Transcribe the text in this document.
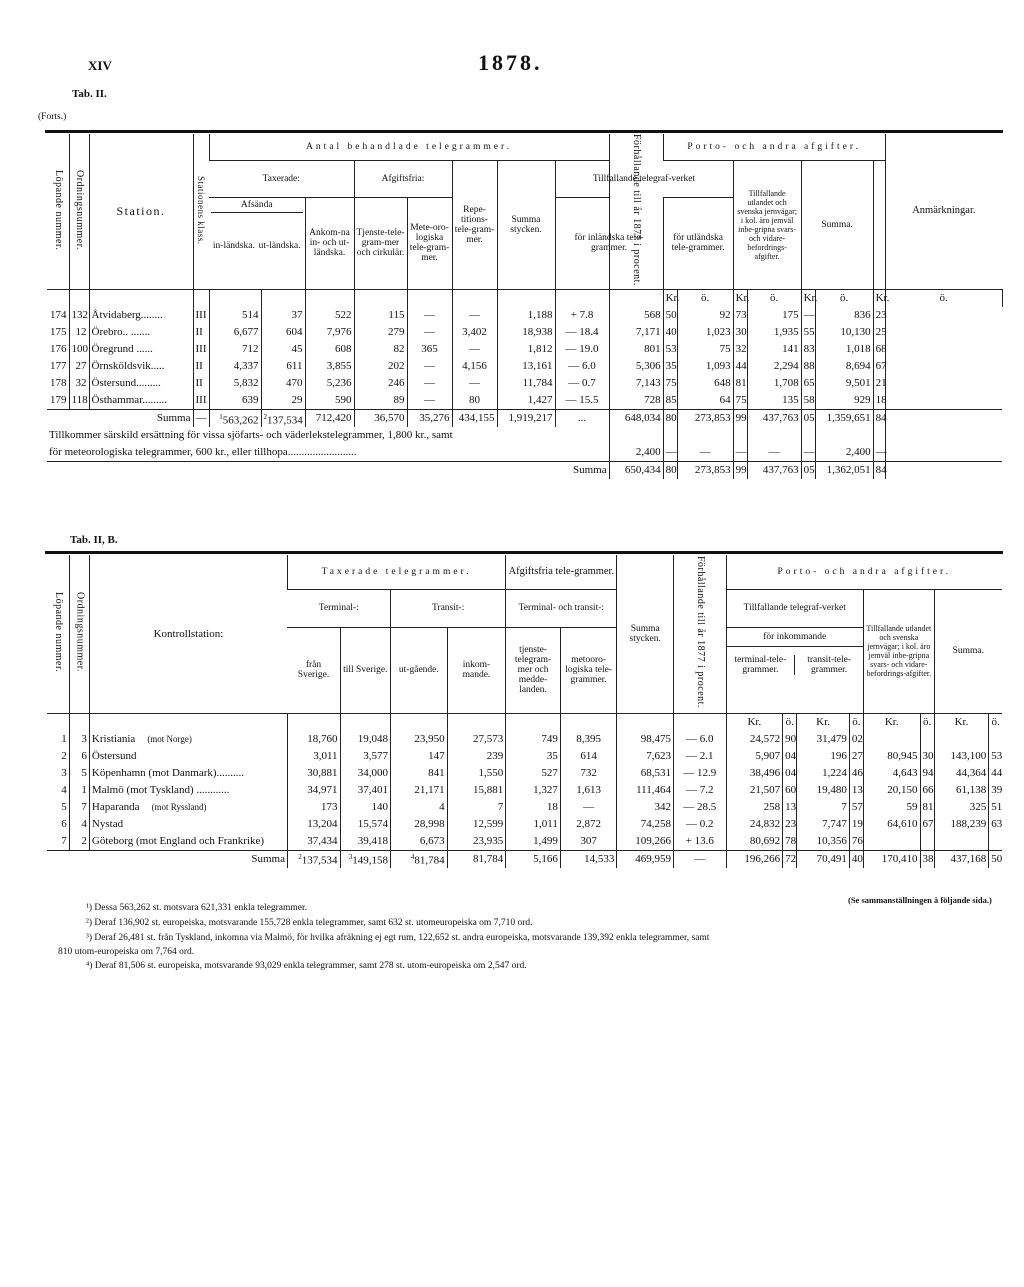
XIV	1878.
Tab. II.
(Forts.)
Löpande nummer.	Ordningsnummer.	Station.	Stationens klass.	Antal behandlade telegrammer.								Förhållande till år 1877 i procent.	Porto- och andra afgifter.							Anmärkningar.	
				Taxerade:			Afgiftsfria:		Repe-titions-tele-gram-mer.	Summa stycken.	Tillfallande telegraf-verket				Tillfallande utlandet och svenska jernvägar; i kol. äro jemväl inbe-gripna svars- och vidare-befordrings-afgifter.		Summa.				

				Afsända
in-ländska. ut-ländska.		Ankom-na in- och ut-ländska.	Tjenste-tele-gram-mer och cirkulär.	Mete-oro-logiska tele-gram-mer.			för inländska tele-grammer.		för utländska tele-grammer.								
													Kr.	ö.	Kr.	ö.	Kr.	ö.	Kr.	ö.	
174	132	Åtvidaberg........	III	514	37	522	115	—	—	1,188	+ 7.8	568	50	92	73	175	—	836	23		
175	12	Örebro.. .......	II	6,677	604	7,976	279	—	3,402	18,938	— 18.4	7,171	40	1,023	30	1,935	55	10,130	25		
176	100	Öregrund ......	III	712	45	608	82	365	—	1,812	— 19.0	801	53	75	32	141	83	1,018	68		
177	27	Örnsköldsvik.....	II	4,337	611	3,855	202	—	4,156	13,161	— 6.0	5,306	35	1,093	44	2,294	88	8,694	67		
178	32	Östersund.........	II	5,832	470	5,236	246	—	—	11,784	— 0.7	7,143	75	648	81	1,708	65	9,501	21		
179	118	Östhammar.........	III	639	29	590	89	—	80	1,427	— 15.5	728	85	64	75	135	58	929	18		
Summa			—	$^1$563,262	$^2$137,534	712,420	36,570	35,276	434,155	1,919,217	...	648,034	80	273,853	99	437,763	05	1,359,651	84		
Tillkommer särskild ersättning för vissa sjöfarts- och väderlekstelegrammer, 1,800 kr., samt																					
för meteorologiska telegrammer, 600 kr., eller tillhopa.........................												2,400	—	—	—	—	—	2,400	—		
Summa												650,434	80	273,853	99	437,763	05	1,362,051	84		
Tab. II, B.
Löpande nummer.	Ordningsnummer.	Kontrollstation:	Taxerade telegrammer.				Afgiftsfria tele-grammer.		Summa stycken.	Förhållande till år 1877 i procent.	Porto- och andra afgifter.							
			Terminal-:		Transit-:		Terminal- och transit-:				Tillfallande telegraf-verket				Tillfallande utlandet och svenska jernvägar; i kol. äro jemväl inbe-gripna svars- och vidare-befordrings-afgifter.		Summa.	
			från Sverige.	till Sverige.	ut-gående.	inkom-mande.	tjenste-telegram-mer och medde-landen.	metooro-logiska tele-grammer.			för inkommande
terminal-tele-grammer.
transit-tele-grammer.							

											Kr.	ö.	Kr.	ö.	Kr.	ö.	Kr.	ö.
1	3	Kristiania (mot Norge)	18,760	19,048	23,950	27,573	749	8,395	98,475	— 6.0	24,572	90	31,479	02				
2	6	Östersund	3,011	3,577	147	239	35	614	7,623	— 2.1	5,907	04	196	27	80,945	30	143,100	53
3	5	Köpenhamn (mot Danmark)..........	30,881	34,000	841	1,550	527	732	68,531	— 12.9	38,496	04	1,224	46	4,643	94	44,364	44
4	1	Malmö (mot Tyskland) ............	34,971	37,401	21,171	15,881	1,327	1,613	111,464	— 7.2	21,507	60	19,480	13	20,150	66	61,138	39
5	7	Haparanda (mot Ryssland)	173	140	4	7	18	—	342	— 28.5	258	13	7	57	59	81	325	51
6	4	Nystad	13,204	15,574	28,998	12,599	1,011	2,872	74,258	— 0.2	24,832	23	7,747	19	64,610	67	188,239	63
7	2	Göteborg (mot England och Frankrike)	37,434	39,418	6,673	23,935	1,499	307	109,266	+ 13.6	80,692	78	10,356	76				
Summa			$^2$137,534	$^3$149,158	$^4$81,784	81,784	5,166	14,533	469,959	—	196,266	72	70,491	40	170,410	38	437,168	50
(Se sammanställningen å följande sida.)
¹) Dessa 563,262 st. motsvara 621,331 enkla telegrammer.
²) Deraf 136,902 st. europeiska, motsvarande 155,728 enkla telegrammer, samt 632 st. utomeuropeiska om 7,710 ord.
³) Deraf 26,481 st. från Tyskland, inkomna via Malmö, för hvilka afräkning ej egt rum, 122,652 st. andra europeiska, motsvarande 139,392 enkla telegrammer, samt
810 utom-europeiska om 7,764 ord.
⁴) Deraf 81,506 st. europeiska, motsvarande 93,029 enkla telegrammer, samt 278 st. utom-europeiska om 2,547 ord.
